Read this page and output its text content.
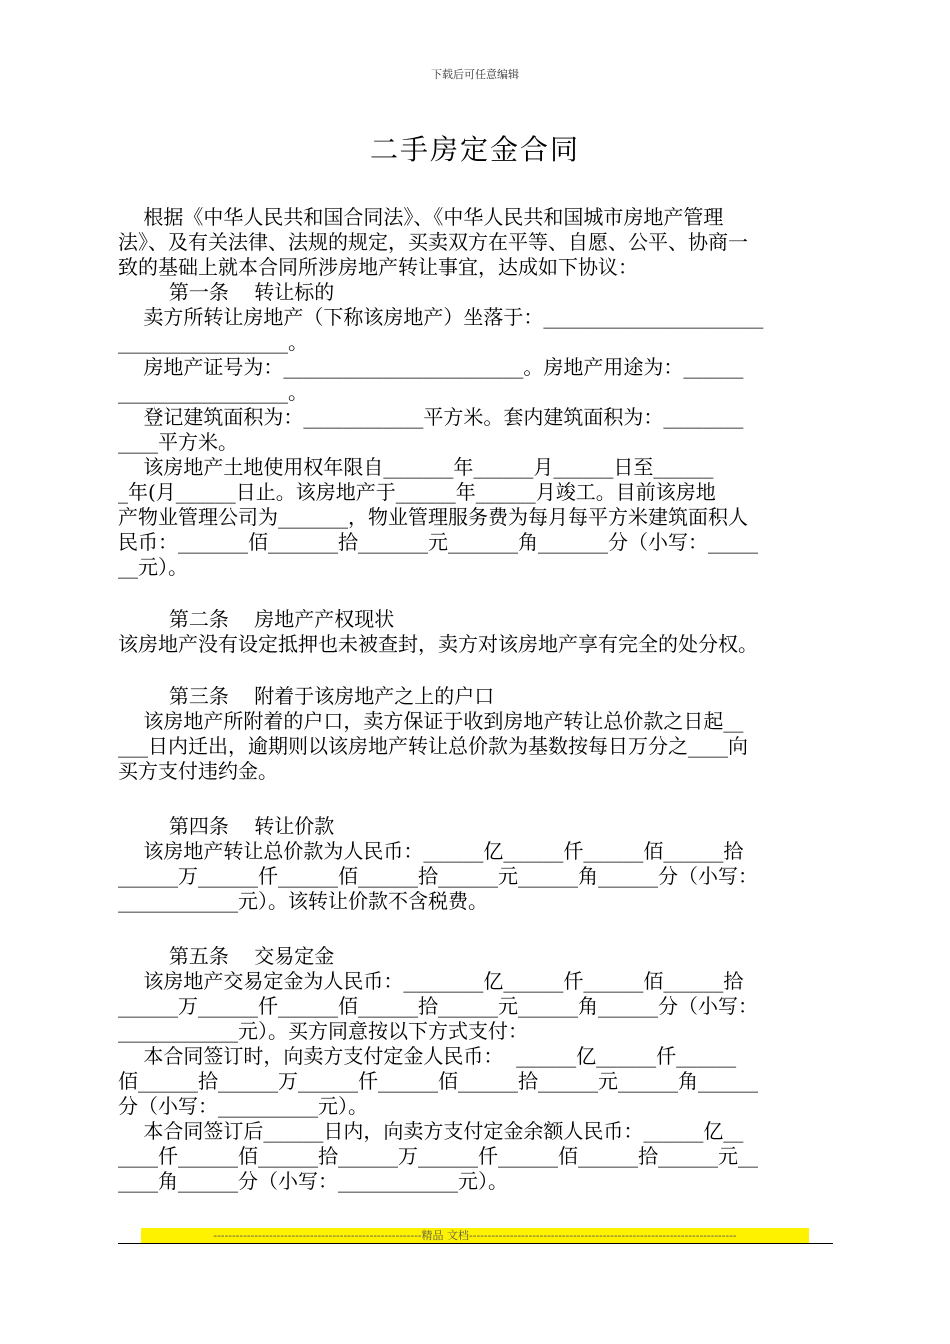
下载后可任意编辑
二手房定金合同
根据《中华人民共和国合同法》、《中华人民共和国城市房地产管理
法》、及有关法律、法规的规定，买卖双方在平等、自愿、公平、协商一
致的基础上就本合同所涉房地产转让事宜，达成如下协议：
第一条    转让标的
卖方所转让房地产（下称该房地产）坐落于：______________________
_________________。
房地产证号为：________________________。房地产用途为：______
_________________。
登记建筑面积为：____________平方米。套内建筑面积为：________
____平方米。
该房地产土地使用权年限自_______年______月______日至______
_年(月______日止。该房地产于______年______月竣工。目前该房地
产物业管理公司为_______，物业管理服务费为每月每平方米建筑面积人
民币：_______佰_______拾_______元_______角_______分（小写：_____
__元）。
第二条    房地产产权现状
该房地产没有设定抵押也未被查封，卖方对该房地产享有完全的处分权。
第三条    附着于该房地产之上的户口
该房地产所附着的户口，卖方保证于收到房地产转让总价款之日起__
___日内迁出，逾期则以该房地产转让总价款为基数按每日万分之____向
买方支付违约金。
第四条    转让价款
该房地产转让总价款为人民币：______亿______仟______佰______拾
______万______仟______佰______拾______元______角______分（小写：
____________元）。该转让价款不含税费。
第五条    交易定金
该房地产交易定金为人民币：________亿______仟______佰______拾
______万______仟______佰______拾______元______角______分（小写：
____________元）。买方同意按以下方式支付：
本合同签订时，向卖方支付定金人民币：  ______亿______仟______
佰______拾______万______仟______佰______拾______元______角______
分（小写：__________元）。
本合同签订后______日内，向卖方支付定金余额人民币：______亿__
____仟______佰______拾______万______仟______佰______拾______元__
____角______分（小写：____________元）。
--------------------------------------------------------精品 文档------------------------------------------------------------------------
